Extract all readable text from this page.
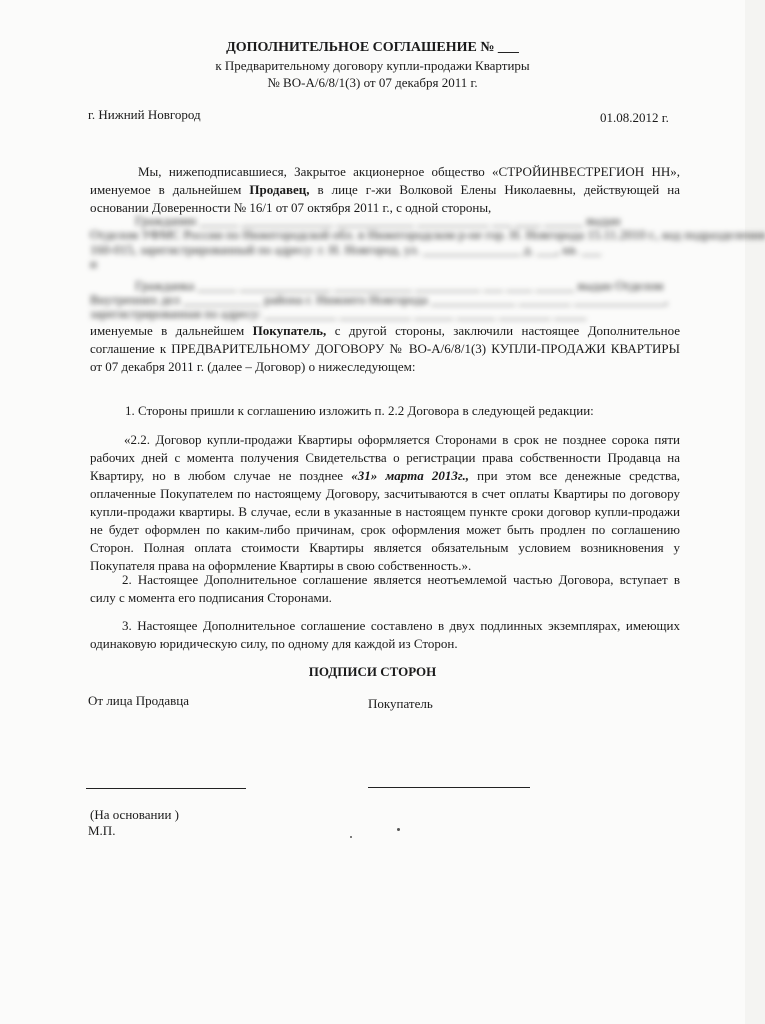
ДОПОЛНИТЕЛЬНОЕ СОГЛАШЕНИЕ № ___
к Предварительному договору купли-продажи Квартиры
№ ВО-А/6/8/1(3) от 07 декабря 2011 г.
г. Нижний Новгород	01.08.2012 г.
Мы, нижеподписавшиеся, Закрытое акционерное общество «СТРОЙИНВЕСТРЕГИОН НН», именуемое в дальнейшем Продавец, в лице г-жи Волковой Елены Николаевны, действующей на основании Доверенности № 16/1 от 07 октября 2011 г., с одной стороны,
Гражданин ______ ______________ ____________ ___________ ___ ____ ______ выдан
Отделом УФМС России по Нижегородской обл. в Нижегородском р-не гор. Н. Новгорода 15.11.2010 г., код подразделения
160-015, зарегистрированный по адресу: г. Н. Новгород, ул. _______________ д. ___, кв. ___
и
Гражданка ______ ______________ ____________ __________ ___ ____ ______ выдан Отделом
Внутренних дел ____________ района г. Нижнего Новгорода _____________ ________ ______________,
зарегистрированная по адресу: ___________ ___________ ______ ______ ________ _____
именуемые в дальнейшем Покупатель, с другой стороны, заключили настоящее Дополнительное соглашение к ПРЕДВАРИТЕЛЬНОМУ ДОГОВОРУ № ВО-А/6/8/1(3) КУПЛИ-ПРОДАЖИ КВАРТИРЫ от 07 декабря 2011 г. (далее – Договор) о нижеследующем:
1. Стороны пришли к соглашению изложить п. 2.2 Договора в следующей редакции:
«2.2. Договор купли-продажи Квартиры оформляется Сторонами в срок не позднее сорока пяти рабочих дней с момента получения Свидетельства о регистрации права собственности Продавца на Квартиру, но в любом случае не позднее «31» марта 2013г., при этом все денежные средства, оплаченные Покупателем по настоящему Договору, засчитываются в счет оплаты Квартиры по договору купли-продажи квартиры. В случае, если в указанные в настоящем пункте сроки договор купли-продажи не будет оформлен по каким-либо причинам, срок оформления может быть продлен по соглашению Сторон. Полная оплата стоимости Квартиры является обязательным условием возникновения у Покупателя права на оформление Квартиры в свою собственность.».
2. Настоящее Дополнительное соглашение является неотъемлемой частью Договора, вступает в силу с момента его подписания Сторонами.
3. Настоящее Дополнительное соглашение составлено в двух подлинных экземплярах, имеющих одинаковую юридическую силу, по одному для каждой из Сторон.
ПОДПИСИ СТОРОН
От лица Продавца	Покупатель
(На основании )
М.П.
